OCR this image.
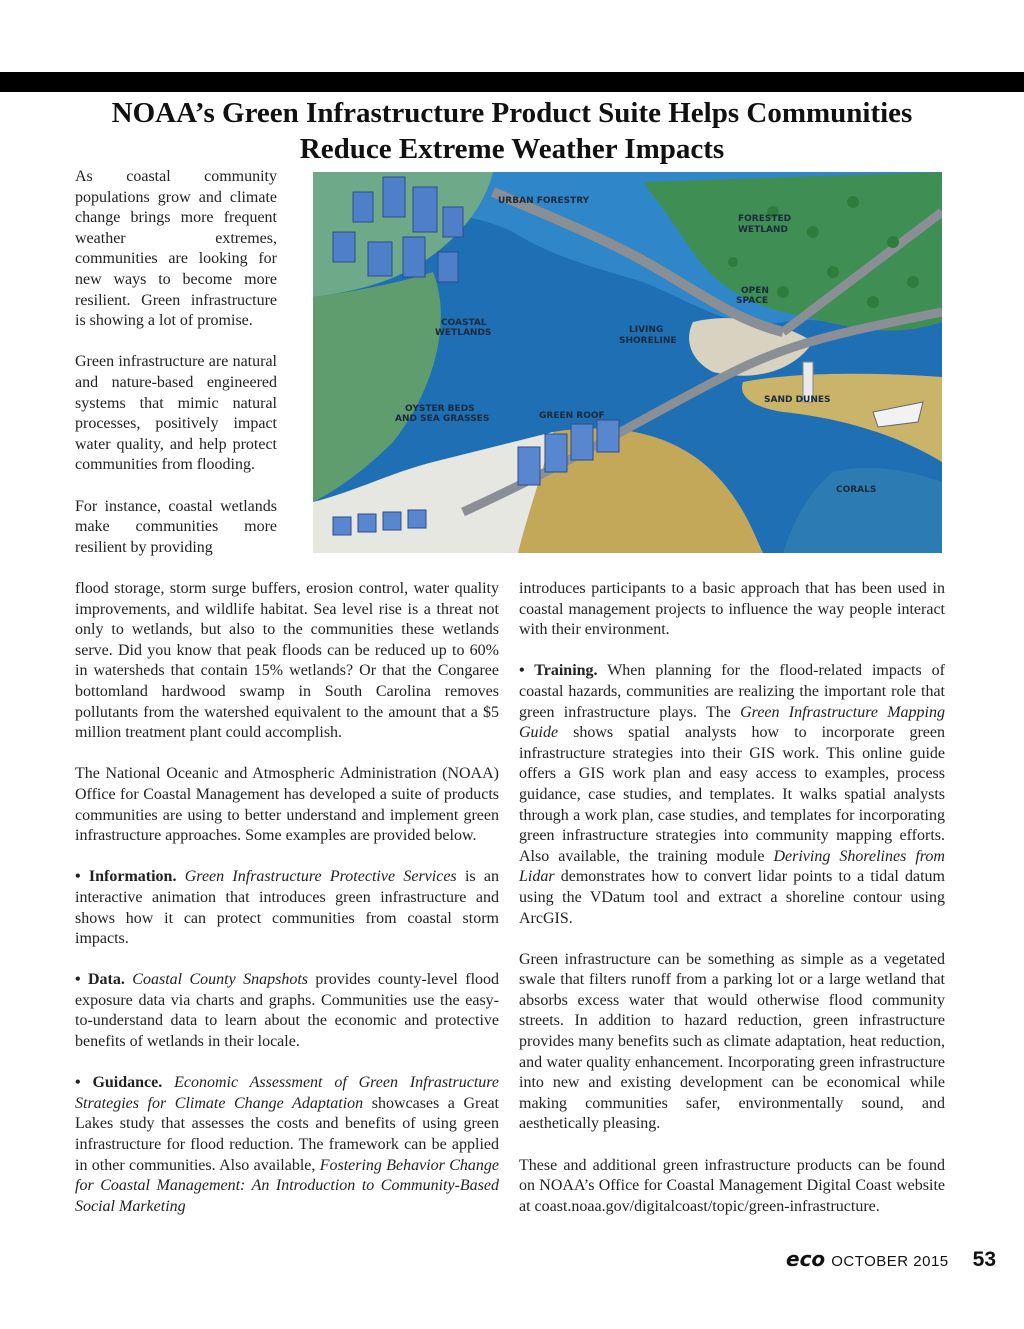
NOAA’s Green Infrastructure Product Suite Helps Communities
Reduce Extreme Weather Impacts

As coastal community populations grow and climate change brings more frequent weather extremes, communities are looking for new ways to become more resilient. Green infrastructure is showing a lot of promise.

Green infrastructure are natural and nature-based engineered systems that mimic natural processes, positively impact water quality, and help protect communities from flooding.

For instance, coastal wetlands make communities more resilient by providing

URBAN FORESTRY
FORESTED
WETLAND
OPEN
SPACE
COASTAL
WETLANDS	LIVING
SHORELINE
OYSTER BEDS
AND SEA GRASSES	GREEN ROOF
SAND DUNES
CORALS

flood storage, storm surge buffers, erosion control, water quality improvements, and wildlife habitat. Sea level rise is a threat not only to wetlands, but also to the communities these wetlands serve. Did you know that peak floods can be reduced up to 60% in watersheds that contain 15% wetlands? Or that the Congaree bottomland hardwood swamp in South Carolina removes pollutants from the watershed equivalent to the amount that a $5 million treatment plant could accomplish.

The National Oceanic and Atmospheric Administration (NOAA) Office for Coastal Management has developed a suite of products communities are using to better understand and implement green infrastructure approaches. Some examples are provided below.

• Information. Green Infrastructure Protective Services is an interactive animation that introduces green infrastructure and shows how it can protect communities from coastal storm impacts.

• Data. Coastal County Snapshots provides county-level flood exposure data via charts and graphs. Communities use the easy-to-understand data to learn about the economic and protective benefits of wetlands in their locale.

• Guidance. Economic Assessment of Green Infrastructure Strategies for Climate Change Adaptation showcases a Great Lakes study that assesses the costs and benefits of using green infrastructure for flood reduction. The framework can be applied in other communities. Also available, Fostering Behavior Change for Coastal Management: An Introduction to Community-Based Social Marketing

introduces participants to a basic approach that has been used in coastal management projects to influence the way people interact with their environment.

• Training. When planning for the flood-related impacts of coastal hazards, communities are realizing the important role that green infrastructure plays. The Green Infrastructure Mapping Guide shows spatial analysts how to incorporate green infrastructure strategies into their GIS work. This online guide offers a GIS work plan and easy access to examples, process guidance, case studies, and templates. It walks spatial analysts through a work plan, case studies, and templates for incorporating green infrastructure strategies into community mapping efforts. Also available, the training module Deriving Shorelines from Lidar demonstrates how to convert lidar points to a tidal datum using the VDatum tool and extract a shoreline contour using ArcGIS.

Green infrastructure can be something as simple as a vegetated swale that filters runoff from a parking lot or a large wetland that absorbs excess water that would otherwise flood community streets. In addition to hazard reduction, green infrastructure provides many benefits such as climate adaptation, heat reduction, and water quality enhancement. Incorporating green infrastructure into new and existing development can be economical while making communities safer, environmentally sound, and aesthetically pleasing.

These and additional green infrastructure products can be found on NOAA’s Office for Coastal Management Digital Coast website at coast.noaa.gov/digitalcoast/topic/green-infrastructure.

eco OCTOBER 2015 53
